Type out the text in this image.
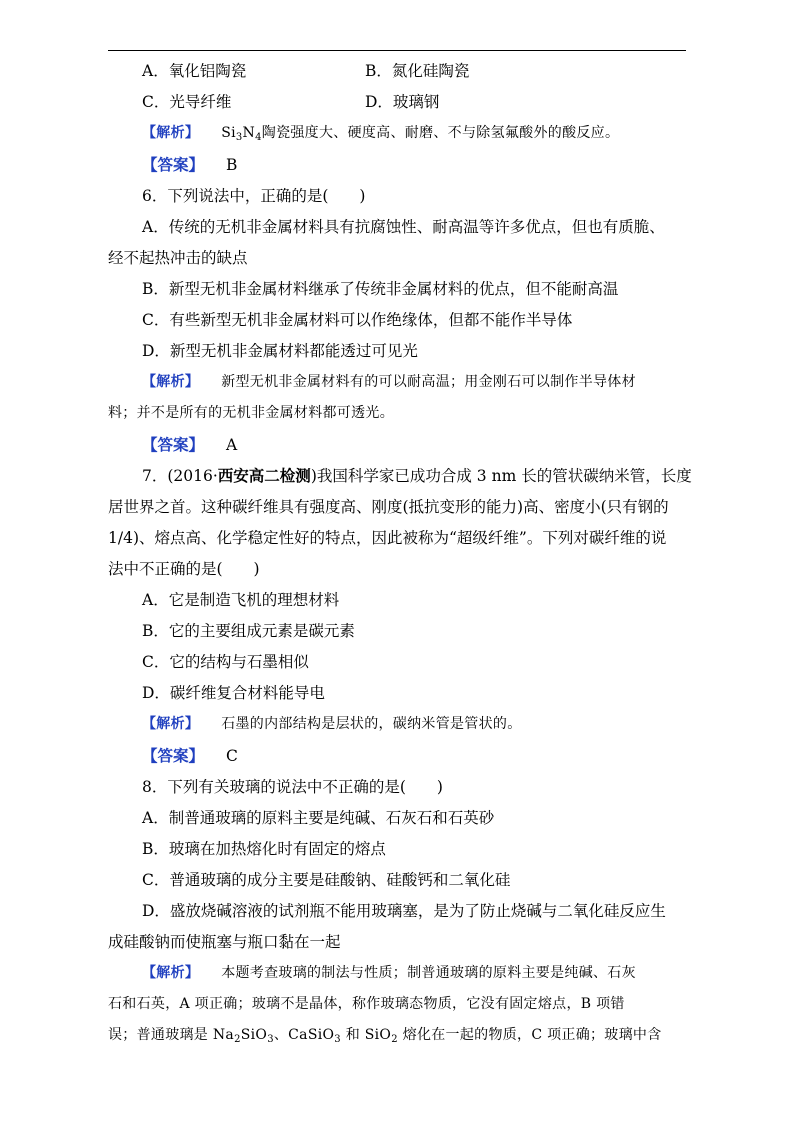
A．氧化铝陶瓷	B．氮化硅陶瓷
C．光导纤维	D．玻璃钢
【解析】 $Si_3N_4$陶瓷强度大、硬度高、耐磨、不与除氢氟酸外的酸反应。
【答案】 B
6．下列说法中，正确的是(　　)
A．传统的无机非金属材料具有抗腐蚀性、耐高温等许多优点，但也有质脆、
经不起热冲击的缺点
B．新型无机非金属材料继承了传统非金属材料的优点，但不能耐高温
C．有些新型无机非金属材料可以作绝缘体，但都不能作半导体
D．新型无机非金属材料都能透过可见光
【解析】 新型无机非金属材料有的可以耐高温；用金刚石可以制作半导体材
料；并不是所有的无机非金属材料都可透光。
【答案】 A
7．(2016·西安高二检测)我国科学家已成功合成 3 nm 长的管状碳纳米管，长度
居世界之首。这种碳纤维具有强度高、刚度(抵抗变形的能力)高、密度小(只有钢的
1/4)、熔点高、化学稳定性好的特点，因此被称为“超级纤维”。下列对碳纤维的说
法中不正确的是(　　)
A．它是制造飞机的理想材料
B．它的主要组成元素是碳元素
C．它的结构与石墨相似
D．碳纤维复合材料能导电
【解析】 石墨的内部结构是层状的，碳纳米管是管状的。
【答案】 C
8．下列有关玻璃的说法中不正确的是(　　)
A．制普通玻璃的原料主要是纯碱、石灰石和石英砂
B．玻璃在加热熔化时有固定的熔点
C．普通玻璃的成分主要是硅酸钠、硅酸钙和二氧化硅
D．盛放烧碱溶液的试剂瓶不能用玻璃塞，是为了防止烧碱与二氧化硅反应生
成硅酸钠而使瓶塞与瓶口黏在一起
【解析】 本题考查玻璃的制法与性质；制普通玻璃的原料主要是纯碱、石灰
石和石英，A 项正确；玻璃不是晶体，称作玻璃态物质，它没有固定熔点，B 项错
误；普通玻璃是 $Na_2SiO_3$、CaSiO$_3$ 和 SiO$_2$ 熔化在一起的物质，C 项正确；玻璃中含
